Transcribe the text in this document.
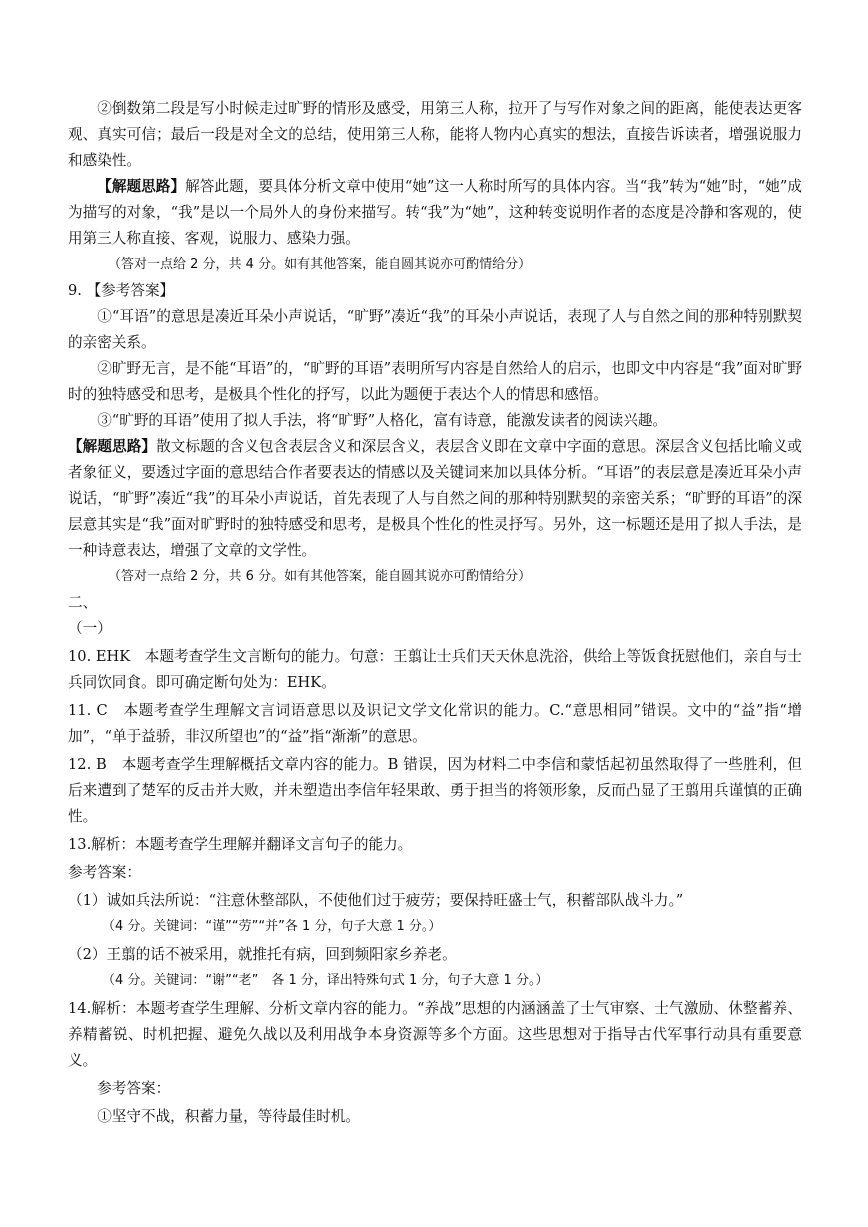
②倒数第二段是写小时候走过旷野的情形及感受，用第三人称，拉开了与写作对象之间的距离，能使表达更客观、真实可信；最后一段是对全文的总结，使用第三人称，能将人物内心真实的想法，直接告诉读者，增强说服力和感染性。

【解题思路】解答此题，要具体分析文章中使用“她”这一人称时所写的具体内容。当“我”转为“她”时，“她”成为描写的对象，“我”是以一个局外人的身份来描写。转“我”为“她”，这种转变说明作者的态度是冷静和客观的，使用第三人称直接、客观，说服力、感染力强。

（答对一点给 2 分，共 4 分。如有其他答案，能自圆其说亦可酌情给分）

9. 【参考答案】

①“耳语”的意思是凑近耳朵小声说话，“旷野”凑近“我”的耳朵小声说话，表现了人与自然之间的那种特别默契的亲密关系。

②旷野无言，是不能“耳语”的，“旷野的耳语”表明所写内容是自然给人的启示，也即文中内容是“我”面对旷野时的独特感受和思考，是极具个性化的抒写，以此为题便于表达个人的情思和感悟。

③“旷野的耳语”使用了拟人手法，将“旷野”人格化，富有诗意，能激发读者的阅读兴趣。

【解题思路】散文标题的含义包含表层含义和深层含义，表层含义即在文章中字面的意思。深层含义包括比喻义或者象征义，要透过字面的意思结合作者要表达的情感以及关键词来加以具体分析。“耳语”的表层意是凑近耳朵小声说话，“旷野”凑近“我”的耳朵小声说话，首先表现了人与自然之间的那种特别默契的亲密关系；“旷野的耳语”的深层意其实是“我”面对旷野时的独特感受和思考，是极具个性化的性灵抒写。另外，这一标题还是用了拟人手法，是一种诗意表达，增强了文章的文学性。

（答对一点给 2 分，共 6 分。如有其他答案，能自圆其说亦可酌情给分）

二、

（一）

10. EHK　本题考查学生文言断句的能力。句意：王翦让士兵们天天休息洗浴，供给上等饭食抚慰他们，亲自与士兵同饮同食。即可确定断句处为：EHK。

11. C　本题考查学生理解文言词语意思以及识记文学文化常识的能力。C.“意思相同”错误。文中的“益”指“增加”，“单于益骄，非汉所望也”的“益”指“渐渐”的意思。

12. B　本题考查学生理解概括文章内容的能力。B 错误，因为材料二中李信和蒙恬起初虽然取得了一些胜利，但后来遭到了楚军的反击并大败，并未塑造出李信年轻果敢、勇于担当的将领形象，反而凸显了王翦用兵谨慎的正确性。

13.解析：本题考查学生理解并翻译文言句子的能力。

参考答案：

（1）诚如兵法所说：“注意休整部队，不使他们过于疲劳；要保持旺盛士气，积蓄部队战斗力。”

（4 分。关键词：“谨”“劳”“并”各 1 分，句子大意 1 分。）

（2）王翦的话不被采用，就推托有病，回到频阳家乡养老。

（4 分。关键词：“谢”“老”　各 1 分，译出特殊句式 1 分，句子大意 1 分。）

14.解析：本题考查学生理解、分析文章内容的能力。“养战”思想的内涵涵盖了士气审察、士气激励、休整蓄养、养精蓄锐、时机把握、避免久战以及利用战争本身资源等多个方面。这些思想对于指导古代军事行动具有重要意义。

参考答案：

①坚守不战，积蓄力量，等待最佳时机。
